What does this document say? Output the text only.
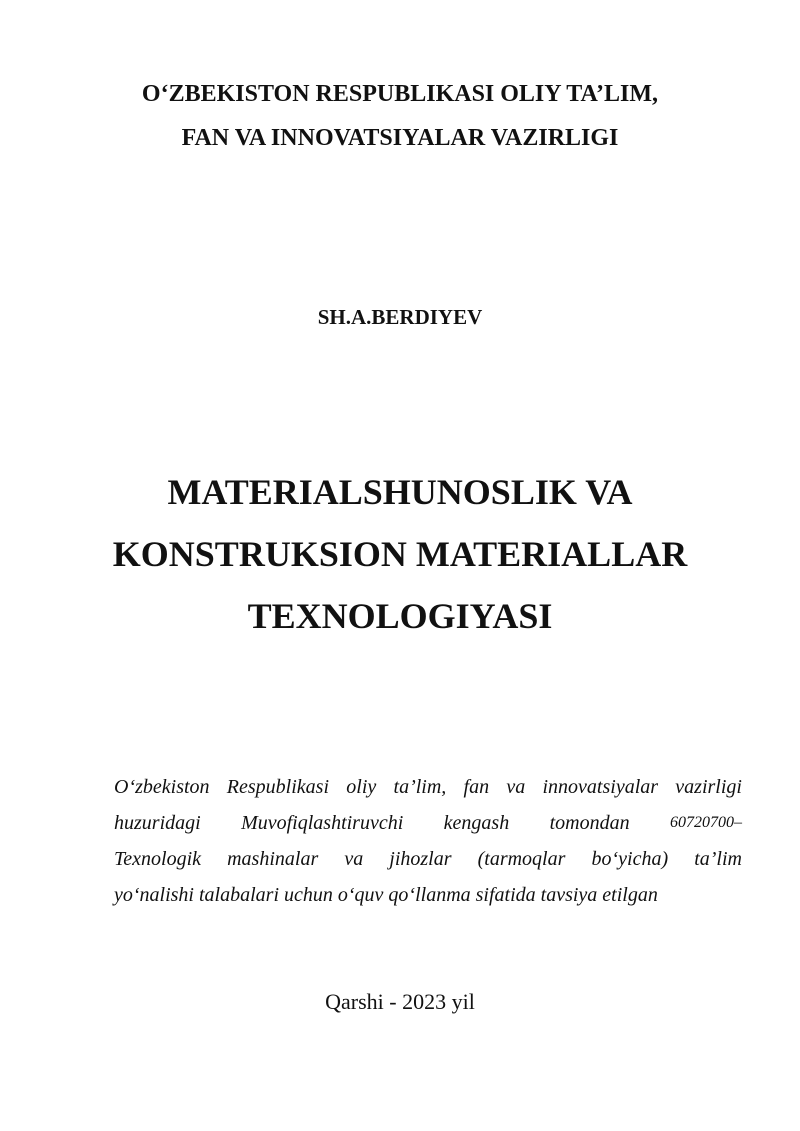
O‘ZBEKISTON RESPUBLIKASI OLIY TA’LIM,
FAN VA INNOVATSIYALAR VAZIRLIGI
SH.A.BERDIYEV
MATERIALSHUNOSLIK VA
KONSTRUKSION MATERIALLAR
TEXNOLOGIYASI
O‘zbekiston Respublikasi oliy ta’lim, fan va innovatsiyalar vazirligi
huzuridagi Muvofiqlashtiruvchi kengash tomondan	60720700–
Texnologik mashinalar va jihozlar (tarmoqlar bo‘yicha) ta’lim
yo‘nalishi talabalari uchun o‘quv qo‘llanma sifatida tavsiya etilgan
Qarshi - 2023 yil
